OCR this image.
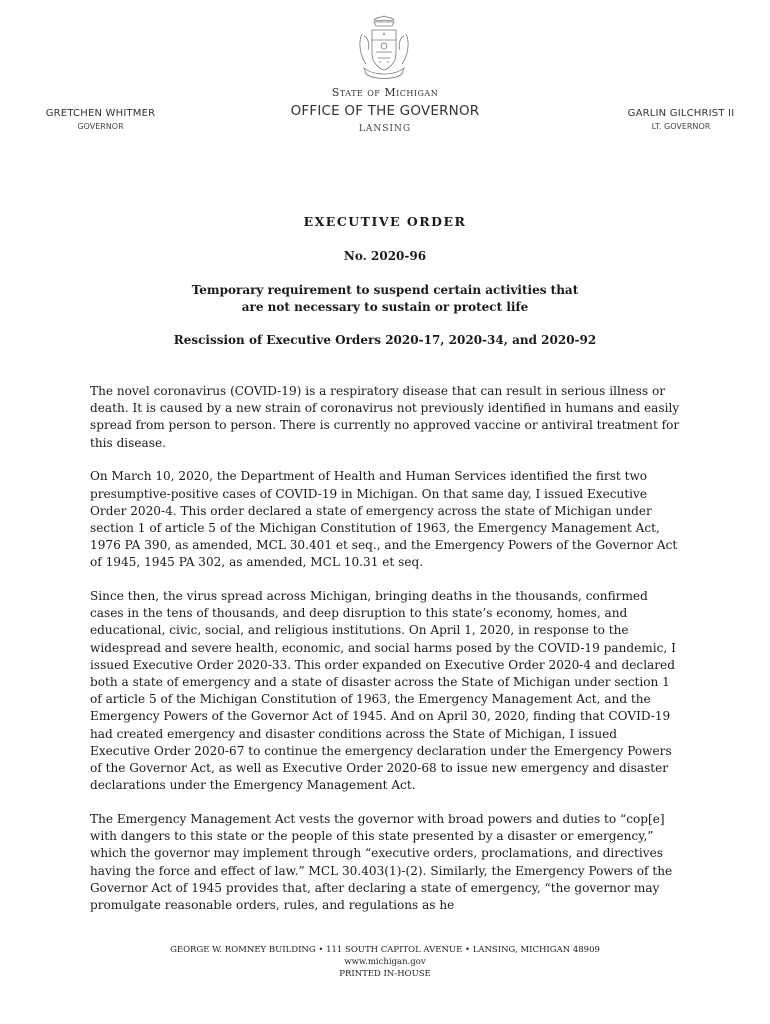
GRETCHEN WHITMER
GOVERNOR
State of Michigan
OFFICE OF THE GOVERNOR
LANSING
GARLIN GILCHRIST II
LT. GOVERNOR
EXECUTIVE ORDER
No. 2020-96
Temporary requirement to suspend certain activities that
are not necessary to sustain or protect life
Rescission of Executive Orders 2020-17, 2020-34, and 2020-92

The novel coronavirus (COVID-19) is a respiratory disease that can result in serious illness or death. It is caused by a new strain of coronavirus not previously identified in humans and easily spread from person to person. There is currently no approved vaccine or antiviral treatment for this disease.

On March 10, 2020, the Department of Health and Human Services identified the first two presumptive-positive cases of COVID-19 in Michigan. On that same day, I issued Executive Order 2020-4. This order declared a state of emergency across the state of Michigan under section 1 of article 5 of the Michigan Constitution of 1963, the Emergency Management Act, 1976 PA 390, as amended, MCL 30.401 et seq., and the Emergency Powers of the Governor Act of 1945, 1945 PA 302, as amended, MCL 10.31 et seq.

Since then, the virus spread across Michigan, bringing deaths in the thousands, confirmed cases in the tens of thousands, and deep disruption to this state’s economy, homes, and educational, civic, social, and religious institutions. On April 1, 2020, in response to the widespread and severe health, economic, and social harms posed by the COVID-19 pandemic, I issued Executive Order 2020-33. This order expanded on Executive Order 2020-4 and declared both a state of emergency and a state of disaster across the State of Michigan under section 1 of article 5 of the Michigan Constitution of 1963, the Emergency Management Act, and the Emergency Powers of the Governor Act of 1945. And on April 30, 2020, finding that COVID-19 had created emergency and disaster conditions across the State of Michigan, I issued Executive Order 2020-67 to continue the emergency declaration under the Emergency Powers of the Governor Act, as well as Executive Order 2020-68 to issue new emergency and disaster declarations under the Emergency Management Act.

The Emergency Management Act vests the governor with broad powers and duties to “cop[e] with dangers to this state or the people of this state presented by a disaster or emergency,” which the governor may implement through “executive orders, proclamations, and directives having the force and effect of law.” MCL 30.403(1)-(2). Similarly, the Emergency Powers of the Governor Act of 1945 provides that, after declaring a state of emergency, “the governor may promulgate reasonable orders, rules, and regulations as he

GEORGE W. ROMNEY BUILDING • 111 SOUTH CAPITOL AVENUE • LANSING, MICHIGAN 48909
www.michigan.gov
PRINTED IN-HOUSE
